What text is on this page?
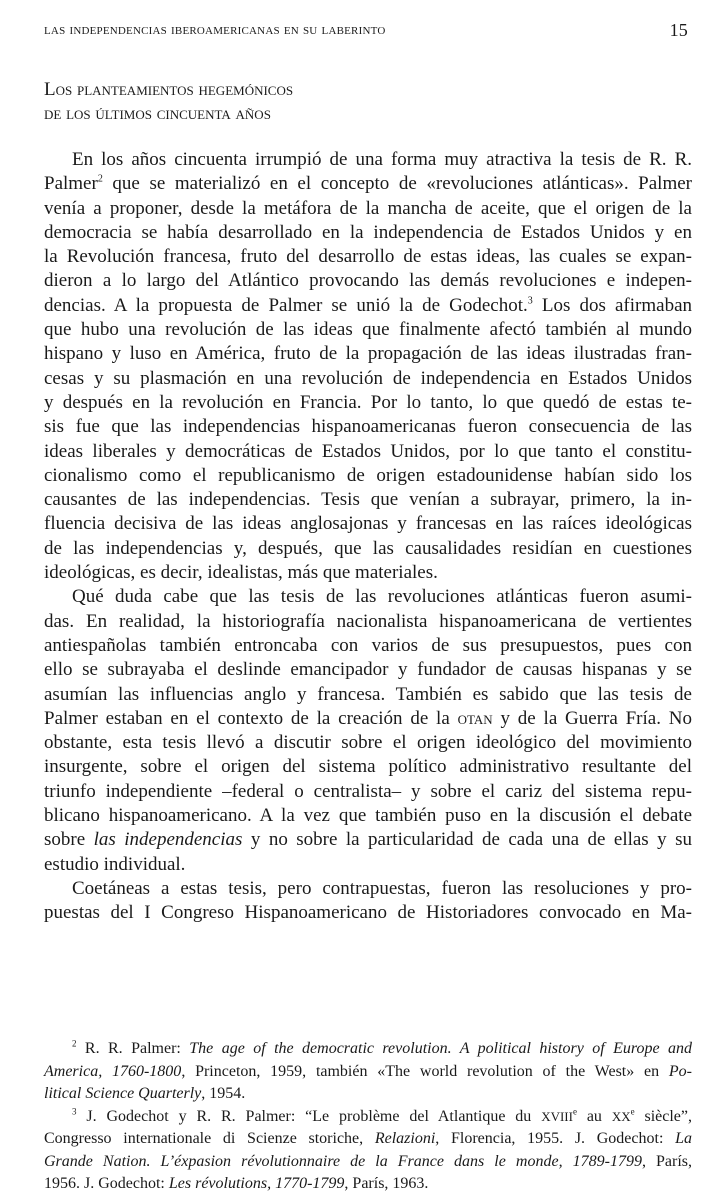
las independencias iberoamericanas en su laberinto	15
Los planteamientos hegemónicos
de los últimos cincuenta años
En los años cincuenta irrumpió de una forma muy atractiva la tesis de R. R.
Palmer$^2$ que se materializó en el concepto de «revoluciones atlánticas». Palmer
venía a proponer, desde la metáfora de la mancha de aceite, que el origen de la
democracia se había desarrollado en la independencia de Estados Unidos y en
la Revolución francesa, fruto del desarrollo de estas ideas, las cuales se expan-
dieron a lo largo del Atlántico provocando las demás revoluciones e indepen-
dencias. A la propuesta de Palmer se unió la de Godechot.$^3$ Los dos afirmaban
que hubo una revolución de las ideas que finalmente afectó también al mundo
hispano y luso en América, fruto de la propagación de las ideas ilustradas fran-
cesas y su plasmación en una revolución de independencia en Estados Unidos
y después en la revolución en Francia. Por lo tanto, lo que quedó de estas te-
sis fue que las independencias hispanoamericanas fueron consecuencia de las
ideas liberales y democráticas de Estados Unidos, por lo que tanto el constitu-
cionalismo como el republicanismo de origen estadounidense habían sido los
causantes de las independencias. Tesis que venían a subrayar, primero, la in-
fluencia decisiva de las ideas anglosajonas y francesas en las raíces ideológicas
de las independencias y, después, que las causalidades residían en cuestiones
ideológicas, es decir, idealistas, más que materiales.
Qué duda cabe que las tesis de las revoluciones atlánticas fueron asumi-
das. En realidad, la historiografía nacionalista hispanoamericana de vertientes
antiespañolas también entroncaba con varios de sus presupuestos, pues con
ello se subrayaba el deslinde emancipador y fundador de causas hispanas y se
asumían las influencias anglo y francesa. También es sabido que las tesis de
Palmer estaban en el contexto de la creación de la otan y de la Guerra Fría. No
obstante, esta tesis llevó a discutir sobre el origen ideológico del movimiento
insurgente, sobre el origen del sistema político administrativo resultante del
triunfo independiente –federal o centralista– y sobre el cariz del sistema repu-
blicano hispanoamericano. A la vez que también puso en la discusión el debate
sobre las independencias y no sobre la particularidad de cada una de ellas y su
estudio individual.
Coetáneas a estas tesis, pero contrapuestas, fueron las resoluciones y pro-
puestas del I Congreso Hispanoamericano de Historiadores convocado en Ma-
$^2$ R. R. Palmer: The age of the democratic revolution. A political history of Europe and
America, 1760-1800, Princeton, 1959, también «The world revolution of the West» en Po-
litical Science Quarterly, 1954.
$^3$ J. Godechot y R. R. Palmer: “Le problème del Atlantique du XVIIIe au XXe siècle”,
Congresso internationale di Scienze storiche, Relazioni, Florencia, 1955. J. Godechot: La
Grande Nation. L’éxpasion révolutionnaire de la France dans le monde, 1789-1799, París,
1956. J. Godechot: Les révolutions, 1770-1799, París, 1963.
